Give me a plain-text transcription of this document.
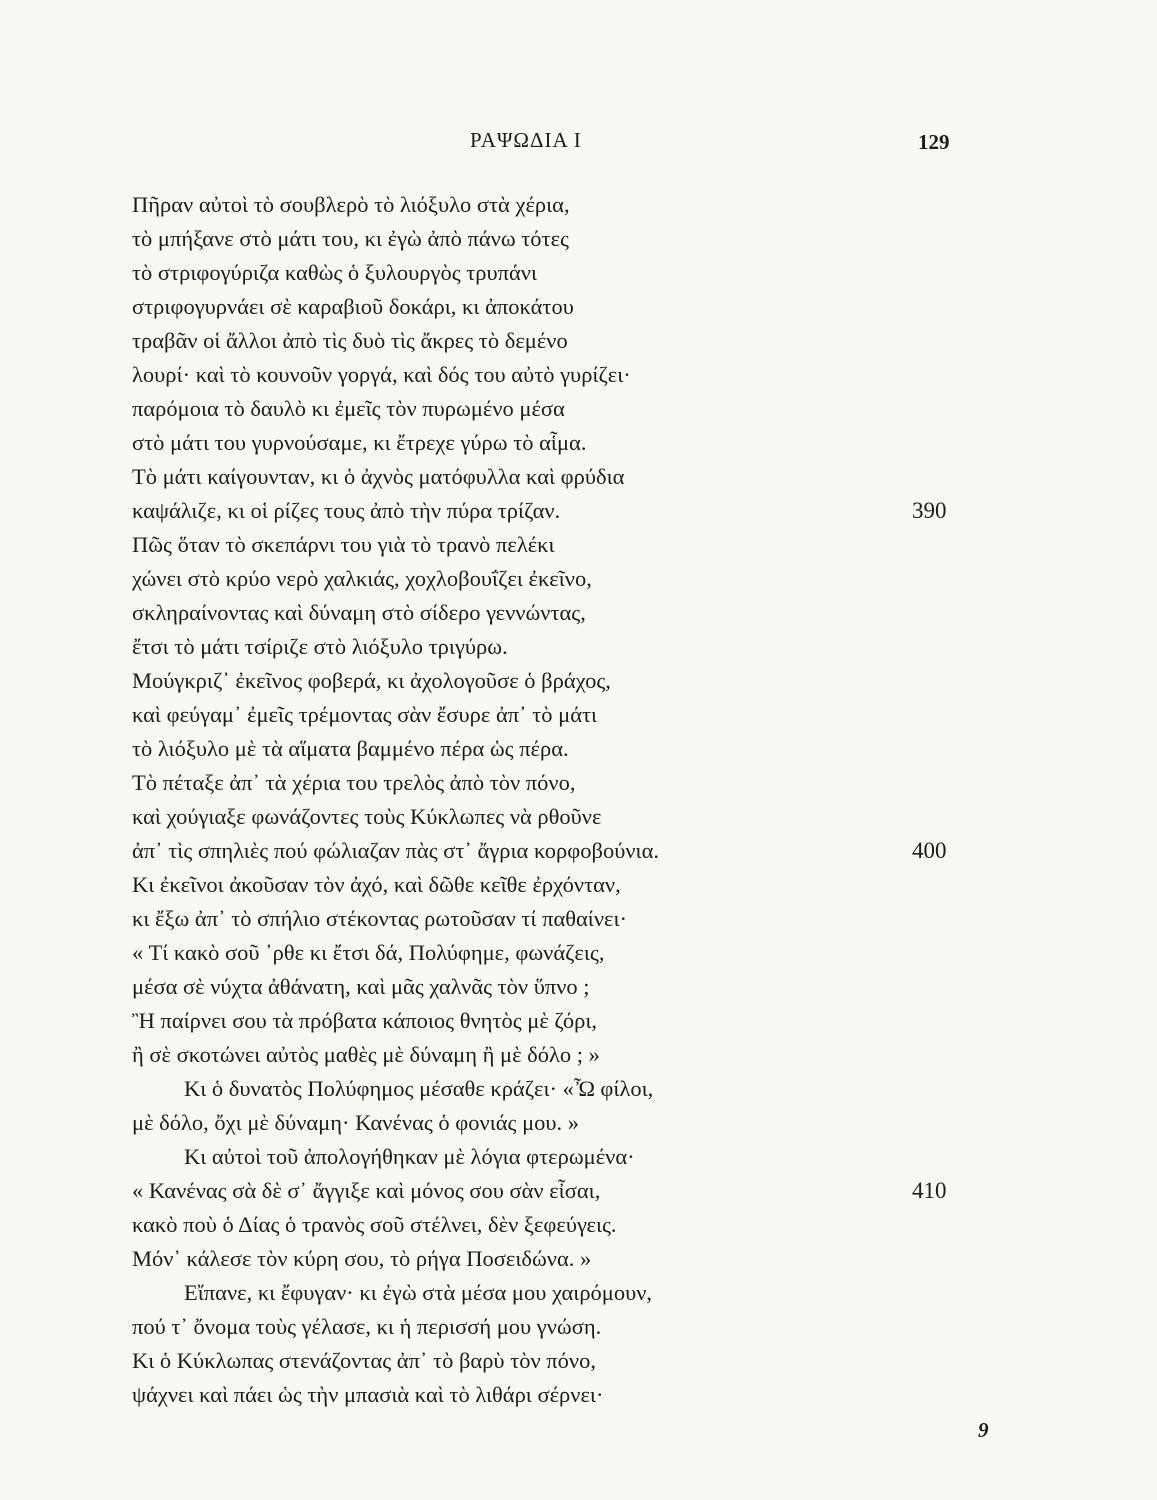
ΡΑΨΩΔΙΑ Ι	129
Πῆραν αὐτοὶ τὸ σουβλερὸ τὸ λιόξυλο στὰ χέρια,
τὸ μπήξανε στὸ μάτι του, κι ἐγὼ ἀπὸ πάνω τότες
τὸ στριφογύριζα καθὼς ὁ ξυλουργὸς τρυπάνι
στριφογυρνάει σὲ καραβιοῦ δοκάρι, κι ἀποκάτου
τραβᾶν οἱ ἄλλοι ἀπὸ τὶς δυὸ τὶς ἄκρες τὸ δεμένο
λουρί· καὶ τὸ κουνοῦν γοργά, καὶ δός του αὐτὸ γυρίζει·
παρόμοια τὸ δαυλὸ κι ἐμεῖς τὸν πυρωμένο μέσα
στὸ μάτι του γυρνούσαμε, κι ἔτρεχε γύρω τὸ αἷμα.
Τὸ μάτι καίγουνταν, κι ὁ ἀχνὸς ματόφυλλα καὶ φρύδια
καψάλιζε, κι οἱ ρίζες τους ἀπὸ τὴν πύρα τρίζαν.	390
Πῶς ὅταν τὸ σκεπάρνι του γιὰ τὸ τρανὸ πελέκι
χώνει στὸ κρύο νερὸ χαλκιάς, χοχλοβουΐζει ἐκεῖνο,
σκληραίνοντας καὶ δύναμη στὸ σίδερο γεννώντας,
ἔτσι τὸ μάτι τσίριζε στὸ λιόξυλο τριγύρω.
Μούγκριζ᾽ ἐκεῖνος φοβερά, κι ἀχολογοῦσε ὁ βράχος,
καὶ φεύγαμ᾽ ἐμεῖς τρέμοντας σὰν ἔσυρε ἀπ᾽ τὸ μάτι
τὸ λιόξυλο μὲ τὰ αἵματα βαμμένο πέρα ὡς πέρα.
Τὸ πέταξε ἀπ᾽ τὰ χέρια του τρελὸς ἀπὸ τὸν πόνο,
καὶ χούγιαξε φωνάζοντες τοὺς Κύκλωπες νὰ ρθοῦνε
ἀπ᾽ τὶς σπηλιὲς πού φώλιαζαν πὰς στ᾽ ἄγρια κορφοβούνια.	400
Κι ἐκεῖνοι ἀκοῦσαν τὸν ἀχό, καὶ δῶθε κεῖθε ἐρχόνταν,
κι ἔξω ἀπ᾽ τὸ σπήλιο στέκοντας ρωτοῦσαν τί παθαίνει·
« Τί κακὸ σοῦ ᾽ρθε κι ἔτσι δά, Πολύφημε, φωνάζεις,
μέσα σὲ νύχτα ἀθάνατη, καὶ μᾶς χαλνᾶς τὸν ὕπνο ;
Ἢ παίρνει σου τὰ πρόβατα κάποιος θνητὸς μὲ ζόρι,
ἢ σὲ σκοτώνει αὐτὸς μαθὲς μὲ δύναμη ἢ μὲ δόλο ; »
Κι ὁ δυνατὸς Πολύφημος μέσαθε κράζει· «Ὦ φίλοι,
μὲ δόλο, ὄχι μὲ δύναμη· Κανένας ὁ φονιάς μου. »
Κι αὐτοὶ τοῦ ἀπολογήθηκαν μὲ λόγια φτερωμένα·
« Κανένας σὰ δὲ σ᾽ ἄγγιξε καὶ μόνος σου σὰν εἶσαι,	410
κακὸ ποὺ ὁ Δίας ὁ τρανὸς σοῦ στέλνει, δὲν ξεφεύγεις.
Μόν᾽ κάλεσε τὸν κύρη σου, τὸ ρήγα Ποσειδώνα. »
Εἴπανε, κι ἔφυγαν· κι ἐγὼ στὰ μέσα μου χαιρόμουν,
πού τ᾽ ὄνομα τοὺς γέλασε, κι ἡ περισσή μου γνώση.
Κι ὁ Κύκλωπας στενάζοντας ἀπ᾽ τὸ βαρὺ τὸν πόνο,
ψάχνει καὶ πάει ὡς τὴν μπασιὰ καὶ τὸ λιθάρι σέρνει·
9
